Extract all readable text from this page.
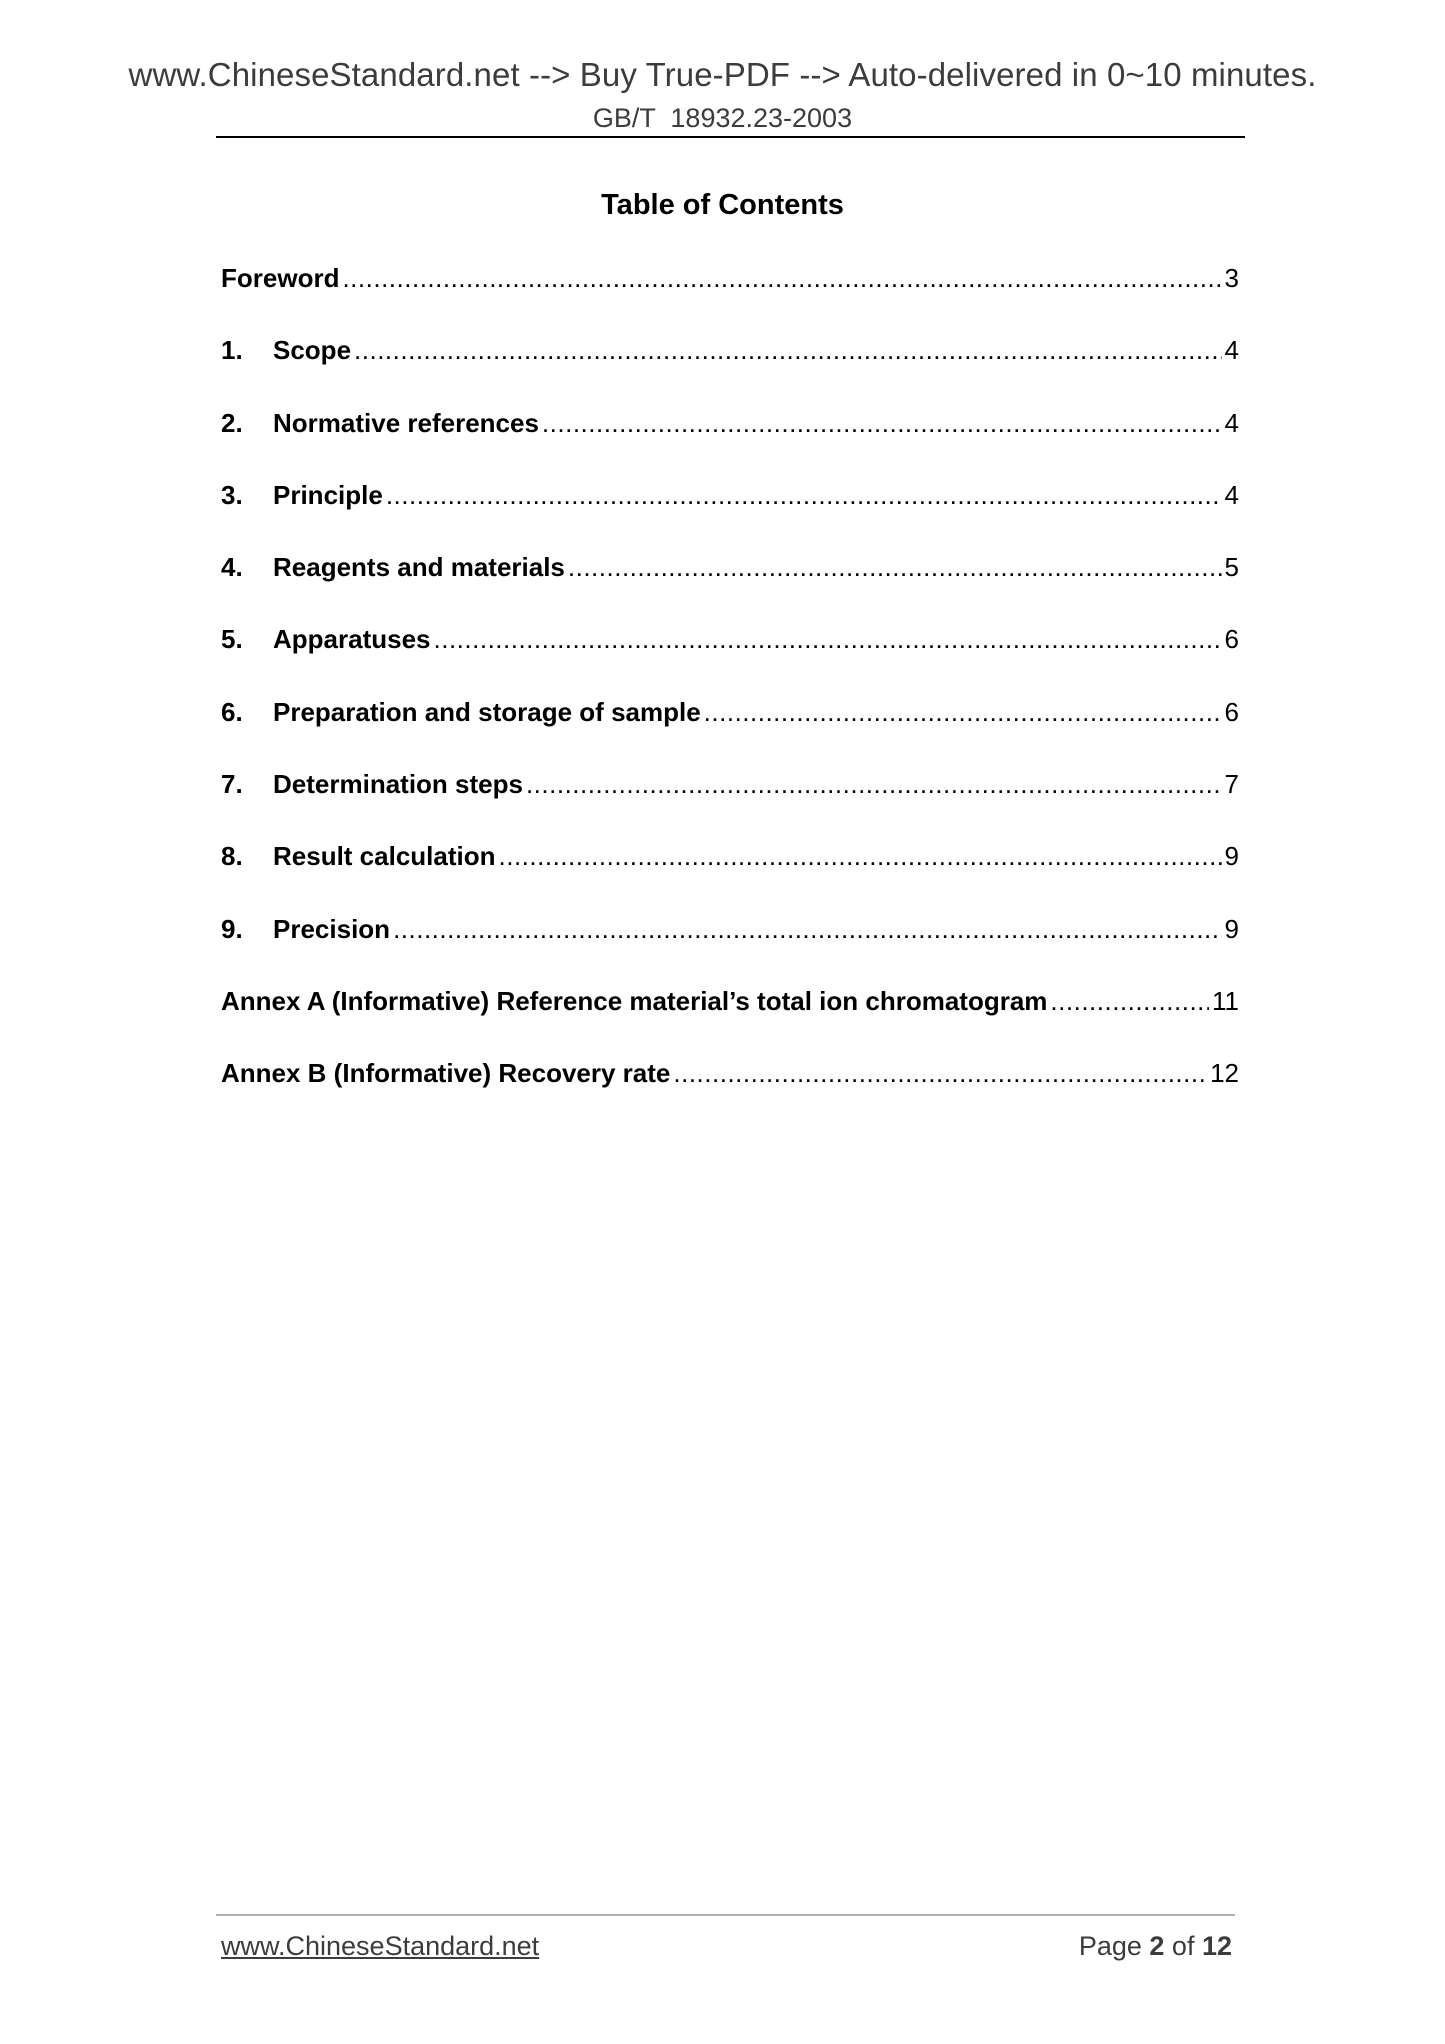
www.ChineseStandard.net --> Buy True-PDF --> Auto-delivered in 0~10 minutes.
GB/T  18932.23-2003
Table of Contents
Foreword .....	3
1.	Scope .....	4
2.	Normative references .....	4
3.	Principle .....	4
4.	Reagents and materials .....	5
5.	Apparatuses .....	6
6.	Preparation and storage of sample .....	6
7.	Determination steps .....	7
8.	Result calculation .....	9
9.	Precision .....	9
Annex A (Informative) Reference material’s total ion chromatogram .....	11
Annex B (Informative) Recovery rate .....	12
www.ChineseStandard.net	Page 2 of 12
